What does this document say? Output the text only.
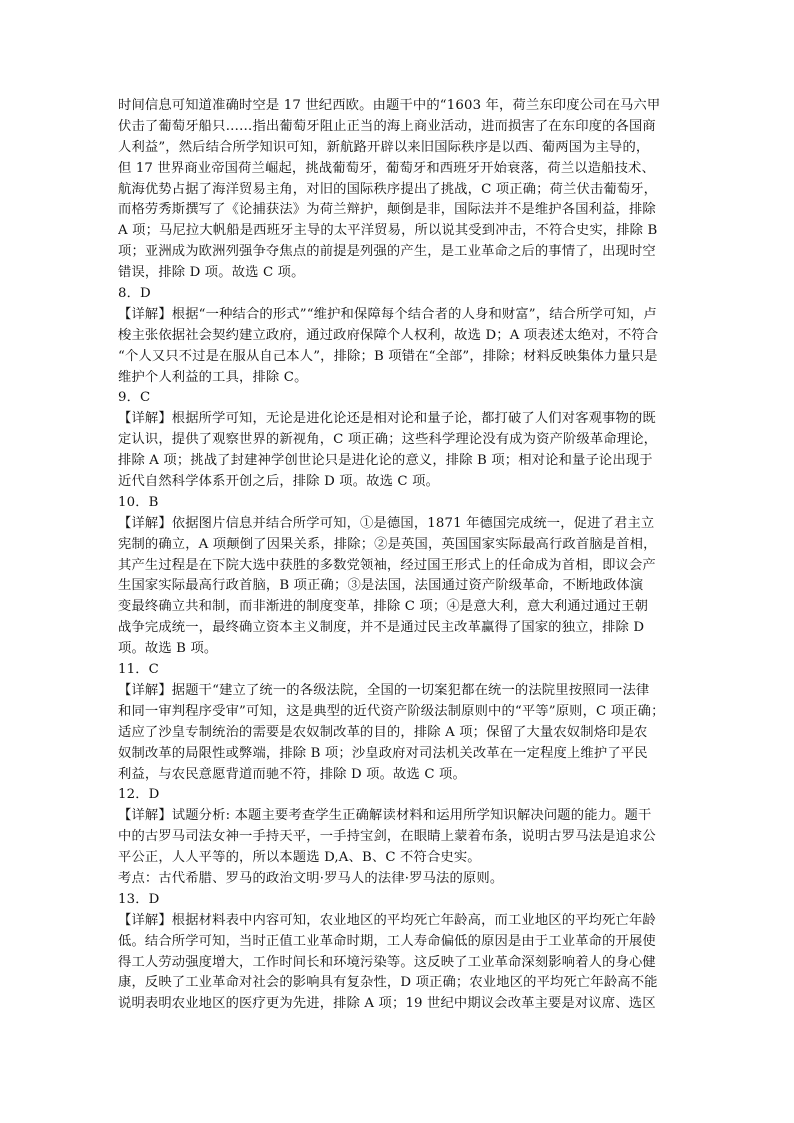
时间信息可知道准确时空是 17 世纪西欧。由题干中的“1603 年，荷兰东印度公司在马六甲
伏击了葡萄牙船只……指出葡萄牙阻止正当的海上商业活动，进而损害了在东印度的各国商
人利益”，然后结合所学知识可知，新航路开辟以来旧国际秩序是以西、葡两国为主导的，
但 17 世界商业帝国荷兰崛起，挑战葡萄牙，葡萄牙和西班牙开始衰落，荷兰以造船技术、
航海优势占据了海洋贸易主角，对旧的国际秩序提出了挑战，C 项正确；荷兰伏击葡萄牙，
而格劳秀斯撰写了《论捕获法》为荷兰辩护，颠倒是非，国际法并不是维护各国利益，排除
A 项；马尼拉大帆船是西班牙主导的太平洋贸易，所以说其受到冲击，不符合史实，排除 B
项；亚洲成为欧洲列强争夺焦点的前提是列强的产生，是工业革命之后的事情了，出现时空
错误，排除 D 项。故选 C 项。
8．D
【详解】根据“一种结合的形式”“维护和保障每个结合者的人身和财富”，结合所学可知，卢
梭主张依据社会契约建立政府，通过政府保障个人权利，故选 D；A 项表述太绝对，不符合
“个人又只不过是在服从自己本人”，排除；B 项错在“全部”，排除；材料反映集体力量只是
维护个人利益的工具，排除 C。
9．C
【详解】根据所学可知，无论是进化论还是相对论和量子论，都打破了人们对客观事物的既
定认识，提供了观察世界的新视角，C 项正确；这些科学理论没有成为资产阶级革命理论，
排除 A 项；挑战了封建神学创世论只是进化论的意义，排除 B 项；相对论和量子论出现于
近代自然科学体系开创之后，排除 D 项。故选 C 项。
10．B
【详解】依据图片信息并结合所学可知，①是德国，1871 年德国完成统一，促进了君主立
宪制的确立，A 项颠倒了因果关系，排除；②是英国，英国国家实际最高行政首脑是首相，
其产生过程是在下院大选中获胜的多数党领袖，经过国王形式上的任命成为首相，即议会产
生国家实际最高行政首脑，B 项正确；③是法国，法国通过资产阶级革命，不断地政体演
变最终确立共和制，而非渐进的制度变革，排除 C 项；④是意大利，意大利通过通过王朝
战争完成统一，最终确立资本主义制度，并不是通过民主改革赢得了国家的独立，排除 D
项。故选 B 项。
11．C
【详解】据题干“建立了统一的各级法院，全国的一切案犯都在统一的法院里按照同一法律
和同一审判程序受审”可知，这是典型的近代资产阶级法制原则中的“平等”原则，C 项正确；
适应了沙皇专制统治的需要是农奴制改革的目的，排除 A 项；保留了大量农奴制烙印是农
奴制改革的局限性或弊端，排除 B 项；沙皇政府对司法机关改革在一定程度上维护了平民
利益，与农民意愿背道而驰不符，排除 D 项。故选 C 项。
12．D
【详解】试题分析: 本题主要考查学生正确解读材料和运用所学知识解决问题的能力。题干
中的古罗马司法女神一手持天平，一手持宝剑，在眼睛上蒙着布条，说明古罗马法是追求公
平公正，人人平等的，所以本题选 D,A、B、C 不符合史实。
考点：古代希腊、罗马的政治文明·罗马人的法律·罗马法的原则。
13．D
【详解】根据材料表中内容可知，农业地区的平均死亡年龄高，而工业地区的平均死亡年龄
低。结合所学可知，当时正值工业革命时期，工人寿命偏低的原因是由于工业革命的开展使
得工人劳动强度增大，工作时间长和环境污染等。这反映了工业革命深刻影响着人的身心健
康，反映了工业革命对社会的影响具有复杂性，D 项正确；农业地区的平均死亡年龄高不能
说明表明农业地区的医疗更为先进，排除 A 项；19 世纪中期议会改革主要是对议席、选区
